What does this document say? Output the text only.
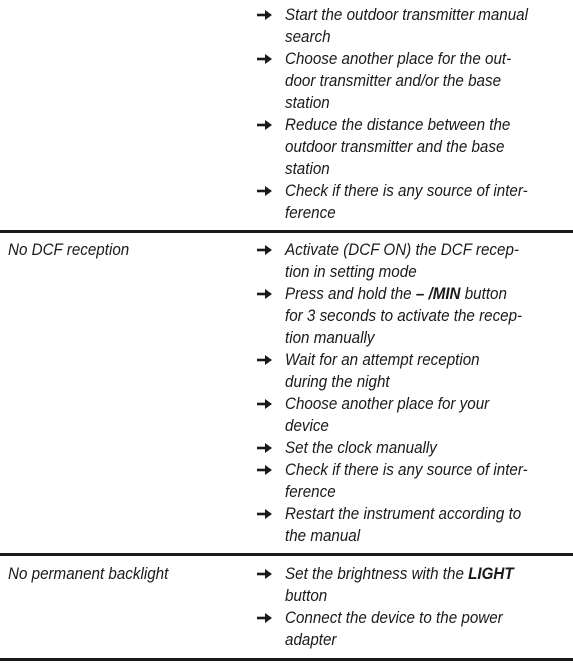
Start the outdoor transmitter manual
search
Choose another place for the out-
door transmitter and/or the base
station
Reduce the distance between the
outdoor transmitter and the base
station
Check if there is any source of inter-
ference
No DCF reception	Activate (DCF ON) the DCF recep-
tion in setting mode
Press and hold the – /MIN button
for 3 seconds to activate the recep-
tion manually
Wait for an attempt reception
during the night
Choose another place for your
device
Set the clock manually
Check if there is any source of inter-
ference
Restart the instrument according to
the manual
No permanent backlight	Set the brightness with the LIGHT
button
Connect the device to the power
adapter
